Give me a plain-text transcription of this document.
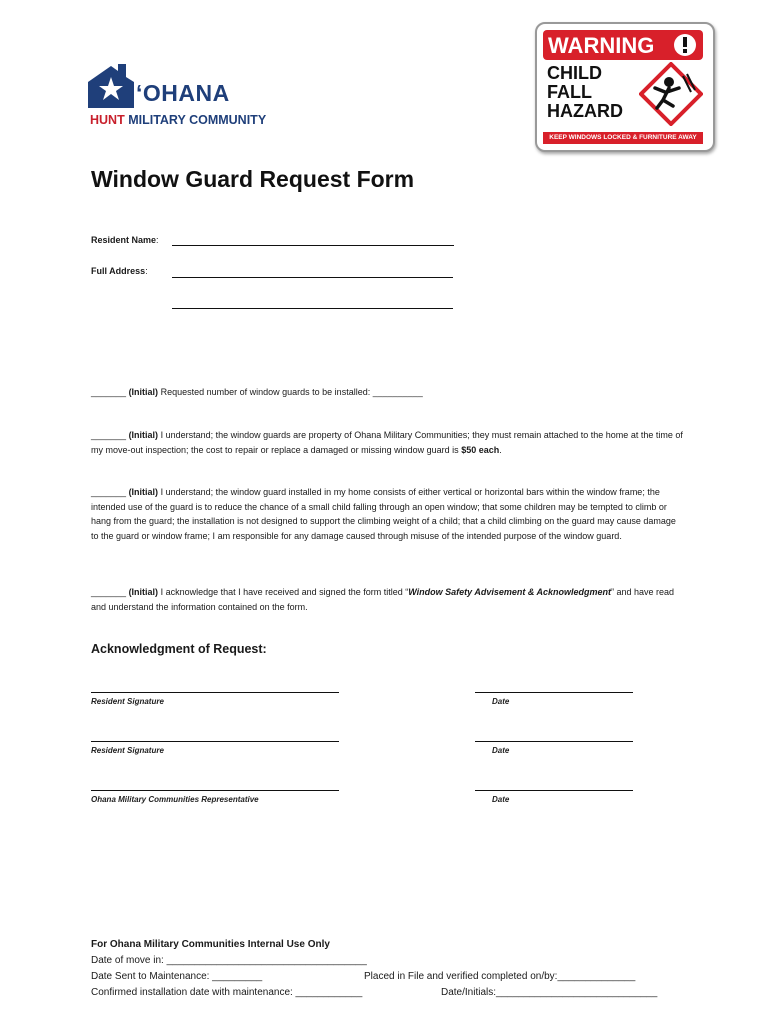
‘OHANA
HUNT MILITARY COMMUNITY
WARNING
CHILD
FALL
HAZARD
KEEP WINDOWS LOCKED & FURNITURE AWAY
Window Guard Request Form
Resident Name:
Full Address:
_______ (Initial) Requested number of window guards to be installed: __________
_______ (Initial) I understand; the window guards are property of Ohana Military Communities; they must remain attached to the home at the time of my move-out inspection; the cost to repair or replace a damaged or missing window guard is $50 each.
_______ (Initial) I understand; the window guard installed in my home consists of either vertical or horizontal bars within the window frame; the intended use of the guard is to reduce the chance of a small child falling through an open window; that some children may be tempted to climb or hang from the guard; the installation is not designed to support the climbing weight of a child; that a child climbing on the guard may cause damage to the guard or window frame; I am responsible for any damage caused through misuse of the intended purpose of the window guard.
_______ (Initial) I acknowledge that I have received and signed the form titled “Window Safety Advisement & Acknowledgment” and have read and understand the information contained on the form.
Acknowledgment of Request:
Resident Signature	Date
Resident Signature	Date
Ohana Military Communities Representative	Date
For Ohana Military Communities Internal Use Only
Date of move in: ____________________________________
Date Sent to Maintenance: _________	Placed in File and verified completed on/by:______________
Confirmed installation date with maintenance: ____________	Date/Initials:_____________________________
